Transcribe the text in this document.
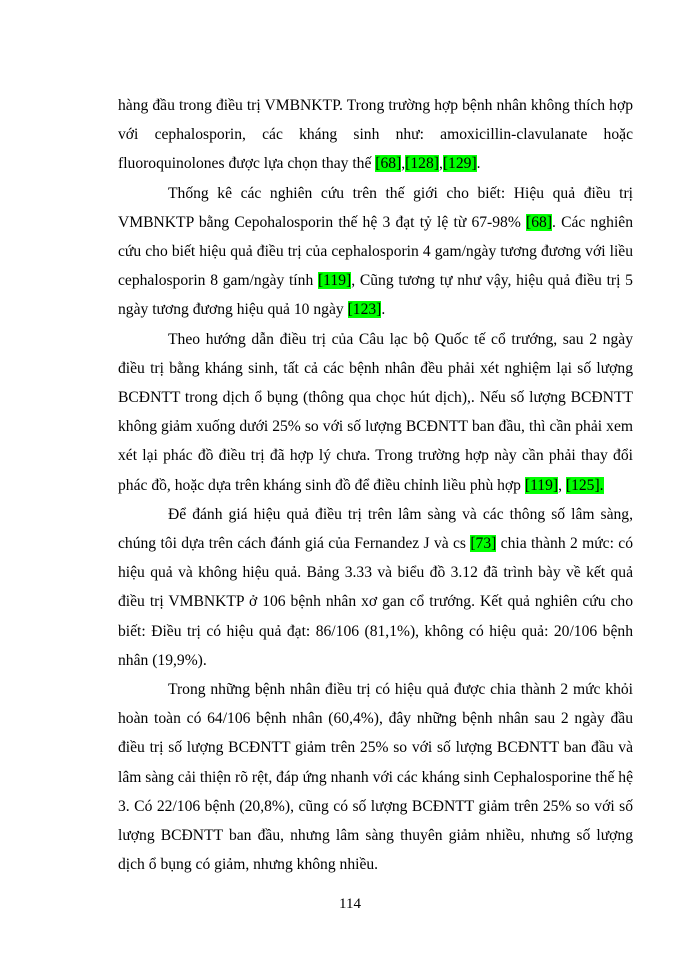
hàng đầu trong điều trị VMBNKTP. Trong trường hợp bệnh nhân không thích hợp với cephalosporin, các kháng sinh như: amoxicillin-clavulanate hoặc fluoroquinolones được lựa chọn thay thế [68],[128],[129].

Thống kê các nghiên cứu trên thế giới cho biết: Hiệu quả điều trị VMBNKTP bằng Cepohalosporin thế hệ 3 đạt tỷ lệ từ 67-98% [68]. Các nghiên cứu cho biết hiệu quả điều trị của cephalosporin 4 gam/ngày tương đương với liều cephalosporin 8 gam/ngày tính [119], Cũng tương tự như vậy, hiệu quả điều trị 5 ngày tương đương hiệu quả 10 ngày [123].

Theo hướng dẫn điều trị của Câu lạc bộ Quốc tế cổ trướng, sau 2 ngày điều trị bằng kháng sinh, tất cả các bệnh nhân đều phải xét nghiệm lại số lượng BCĐNTT trong dịch ổ bụng (thông qua chọc hút dịch),. Nếu số lượng BCĐNTT không giảm xuống dưới 25% so với số lượng BCĐNTT ban đầu, thì cần phải xem xét lại phác đồ điều trị đã hợp lý chưa. Trong trường hợp này cần phải thay đổi phác đồ, hoặc dựa trên kháng sinh đồ để điều chỉnh liều phù hợp [119], [125].

Để đánh giá hiệu quả điều trị trên lâm sàng và các thông số lâm sàng, chúng tôi dựa trên cách đánh giá của Fernandez J và cs [73] chia thành 2 mức: có hiệu quả và không hiệu quả. Bảng 3.33 và biểu đồ 3.12 đã trình bày về kết quả điều trị VMBNKTP ở 106 bệnh nhân xơ gan cổ trướng. Kết quả nghiên cứu cho biết: Điều trị có hiệu quả đạt: 86/106 (81,1%), không có hiệu quả: 20/106 bệnh nhân (19,9%).

Trong những bệnh nhân điều trị có hiệu quả được chia thành 2 mức khỏi hoàn toàn có 64/106 bệnh nhân (60,4%), đây những bệnh nhân sau 2 ngày đầu điều trị số lượng BCĐNTT giảm trên 25% so với số lượng BCĐNTT ban đầu và lâm sàng cải thiện rõ rệt, đáp ứng nhanh với các kháng sinh Cephalosporine thế hệ 3. Có 22/106 bệnh (20,8%), cũng có số lượng BCĐNTT giảm trên 25% so với số lượng BCĐNTT ban đầu, nhưng lâm sàng thuyên giảm nhiều, nhưng số lượng dịch ổ bụng có giảm, nhưng không nhiều.

114
